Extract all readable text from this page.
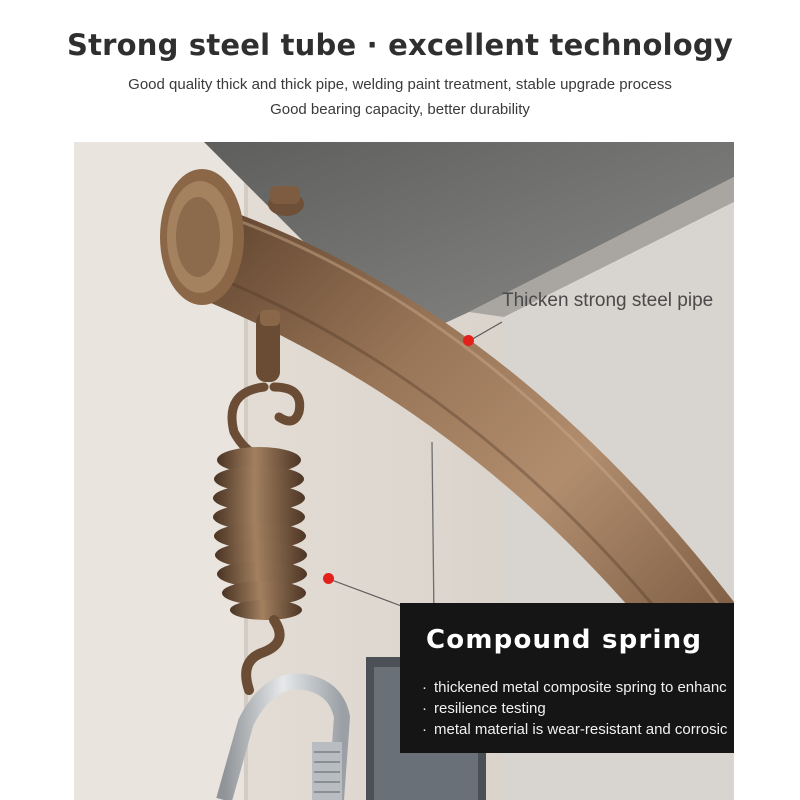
Strong steel tube · excellent technology
Good quality thick and thick pipe, welding paint treatment, stable upgrade process
Good bearing capacity, better durability
Thicken strong steel pipe
Compound spring
· thickened metal composite spring to enhanc
· resilience testing
· metal material is wear-resistant and corrosic
